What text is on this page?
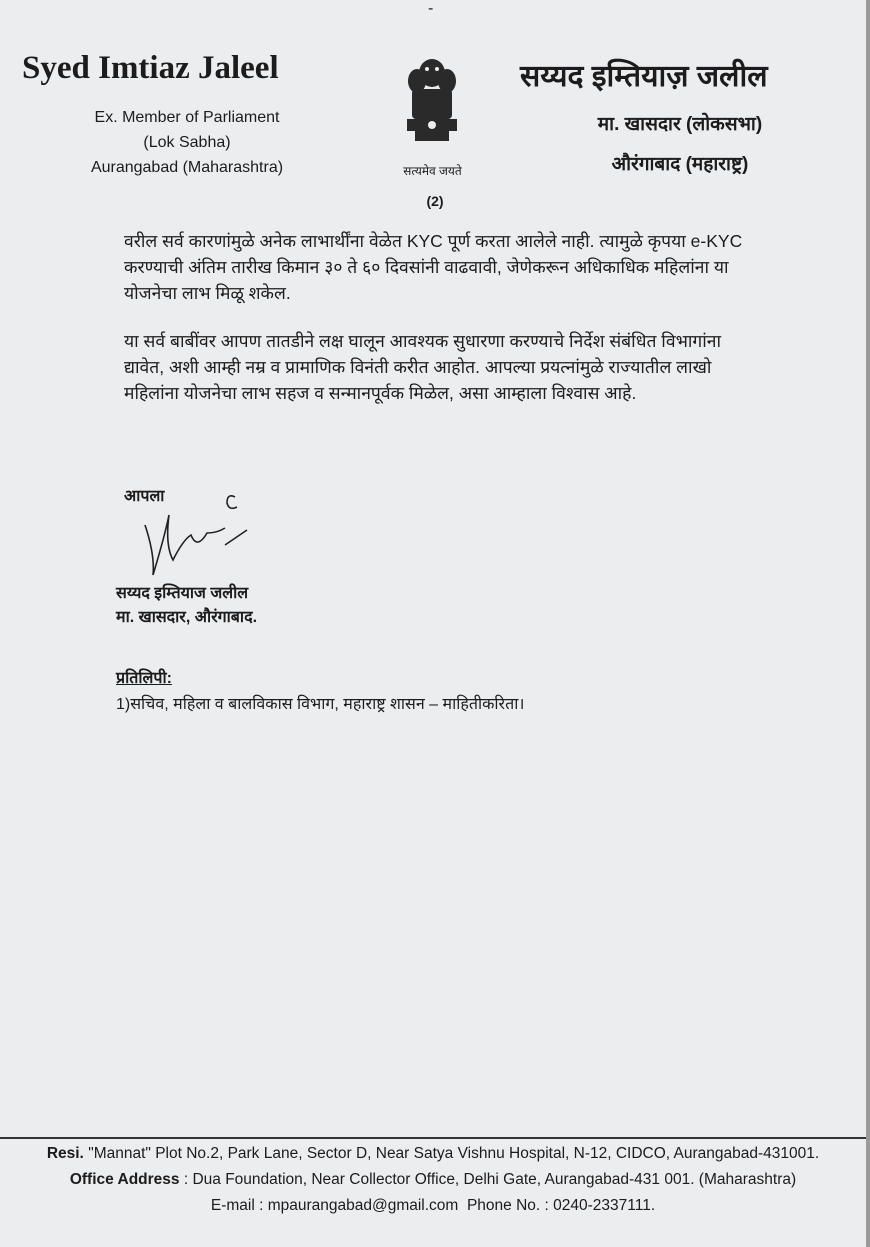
-
Syed Imtiaz Jaleel
Ex. Member of Parliament
(Lok Sabha)
Aurangabad (Maharashtra)	सत्यमेव जयते
सय्यद इम्तियाज़ जलील
मा. खासदार (लोकसभा)
औरंगाबाद (महाराष्ट्र)
(2)
वरील सर्व कारणांमुळे अनेक लाभार्थींना वेळेत KYC पूर्ण करता आलेले नाही. त्यामुळे कृपया e-KYC करण्याची अंतिम तारीख किमान ३० ते ६० दिवसांनी वाढवावी, जेणेकरून अधिकाधिक महिलांना या योजनेचा लाभ मिळू शकेल.
या सर्व बाबींवर आपण तातडीने लक्ष घालून आवश्यक सुधारणा करण्याचे निर्देश संबंधित विभागांना द्यावेत, अशी आम्ही नम्र व प्रामाणिक विनंती करीत आहोत. आपल्या प्रयत्नांमुळे राज्यातील लाखो महिलांना योजनेचा लाभ सहज व सन्मानपूर्वक मिळेल, असा आम्हाला विश्वास आहे.
आपला
सय्यद इम्तियाज जलील
मा. खासदार, औरंगाबाद.
प्रतिलिपी:
1)सचिव, महिला व बालविकास विभाग, महाराष्ट्र शासन – माहितीकरिता।
Resi. "Mannat" Plot No.2, Park Lane, Sector D, Near Satya Vishnu Hospital, N-12, CIDCO, Aurangabad-431001.
Office Address : Dua Foundation, Near Collector Office, Delhi Gate, Aurangabad-431 001. (Maharashtra)
E-mail : mpaurangabad@gmail.com Phone No. : 0240-2337111.
